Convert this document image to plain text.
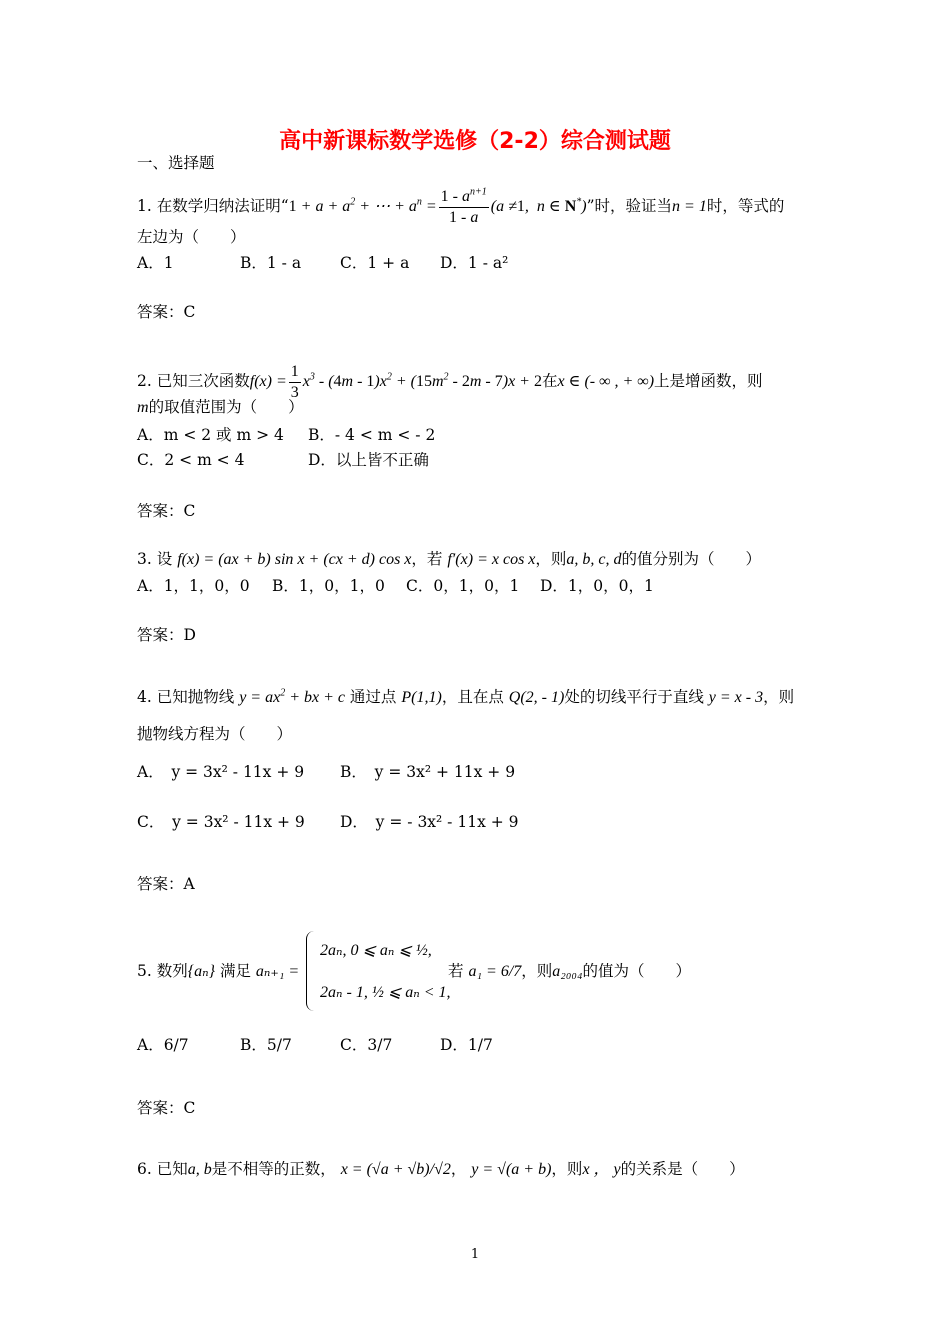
高中新课标数学选修（2-2）综合测试题
一、选择题
1. 在数学归纳法证明“$1 + a + a^2$ + ⋯ + $a^n = \frac{1 - a^{n+1}}{1 - a} (a \ne 1$,  n ∈ N*)”时，验证当n = 1时，等式的
左边为（　　）
A．1	B．1 - a	C．1 + a D．1 - a²
答案：C
2. 已知三次函数$f(x) = \frac{1}{3} x^3 - (4m - 1)x^2 + (15m^2 - 2m - 7)x + 2$在x ∈ (- ∞ , + ∞)上是增函数，则
m的取值范围为（　　）
A．m < 2 或 m > 4 B．- 4 < m < - 2
C．2 < m < 4	D．以上皆不正确
答案：C
3. 设 f(x) = (ax + b) sin x + (cx + d) cos x，若 f′(x) = x cos x，则a, b, c, d的值分别为（　　）
A．1，1，0，0 B．1，0，1，0 C．0，1，0，1 D．1，0，0，1
答案：D
4. 已知抛物线 $y = ax^2$ + bx + c 通过点 P(1,1)，且在点 Q(2, - 1)处的切线平行于直线 y = x - 3，则
抛物线方程为（　　）
A．　y = 3x² - 11x + 9 B．　y = 3x² + 11x + 9
C．　y = 3x² - 11x + 9 D．　y = - 3x² - 11x + 9
答案：A
5. 数列{aₙ} 满足 aₙ₊₁ =
2aₙ, 0 ⩽ aₙ ⩽ ½,
2aₙ - 1, ½ ⩽ aₙ < 1,
若 a₁ = 6/7，则a₂₀₀₄的值为（　　）
A．6/7	B．5/7	C．3/7	D．1/7
答案：C
6. 已知a, b是不相等的正数， x = (√a + √b)/√2， y = √(a + b)，则x ， y的关系是（　　）
1
